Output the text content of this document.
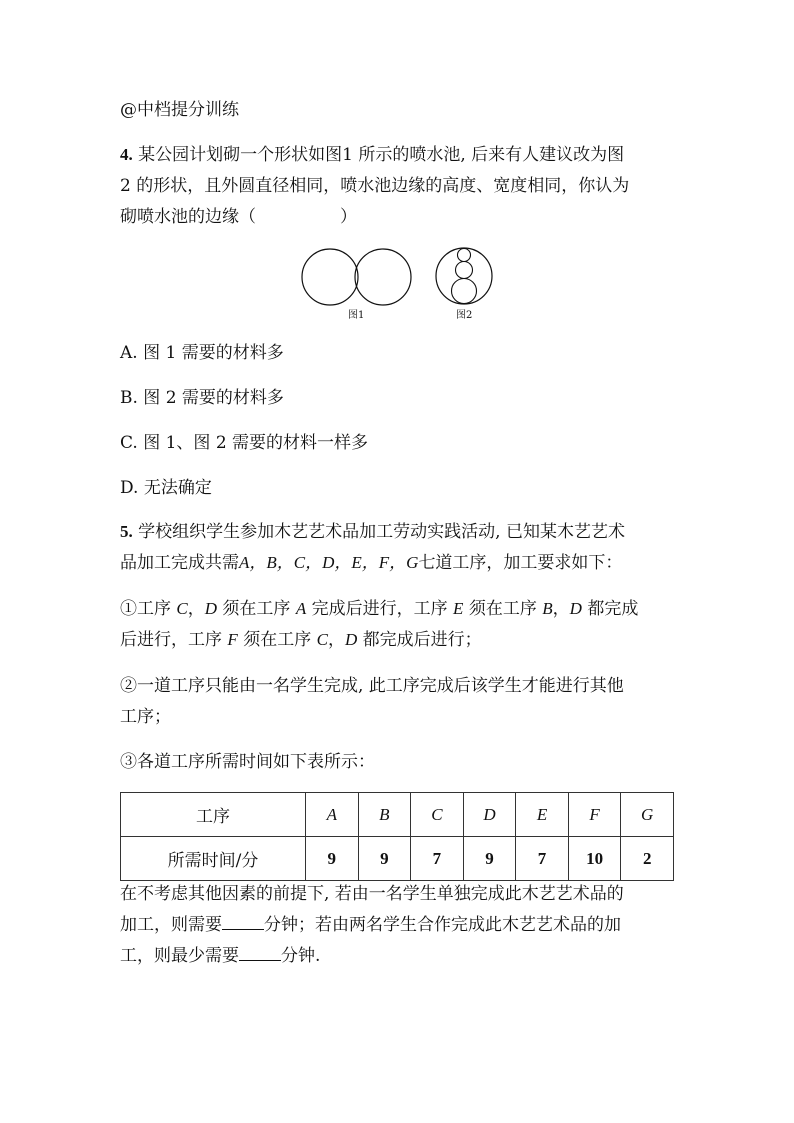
@中档提分训练
4. 某公园计划砌一个形状如图1 所示的喷水池, 后来有人建议改为图
2 的形状，且外圆直径相同，喷水池边缘的高度、宽度相同，你认为
砌喷水池的边缘（	）
图1	图2
A. 图 1 需要的材料多
B. 图 2 需要的材料多
C. 图 1、图 2 需要的材料一样多
D. 无法确定
5. 学校组织学生参加木艺艺术品加工劳动实践活动, 已知某木艺艺术
品加工完成共需A，B，C，D，E，F，G七道工序，加工要求如下：
①工序 C，D 须在工序 A 完成后进行，工序 E 须在工序 B，D 都完成
后进行，工序 F 须在工序 C，D 都完成后进行；
②一道工序只能由一名学生完成, 此工序完成后该学生才能进行其他
工序；
③各道工序所需时间如下表所示：
工序	A	B	C	D	E	F	G
所需时间/分	9	9	7	9	7	10	2
在不考虑其他因素的前提下, 若由一名学生单独完成此木艺艺术品的
加工，则需要 分钟；若由两名学生合作完成此木艺艺术品的加
工，则最少需要 分钟.
